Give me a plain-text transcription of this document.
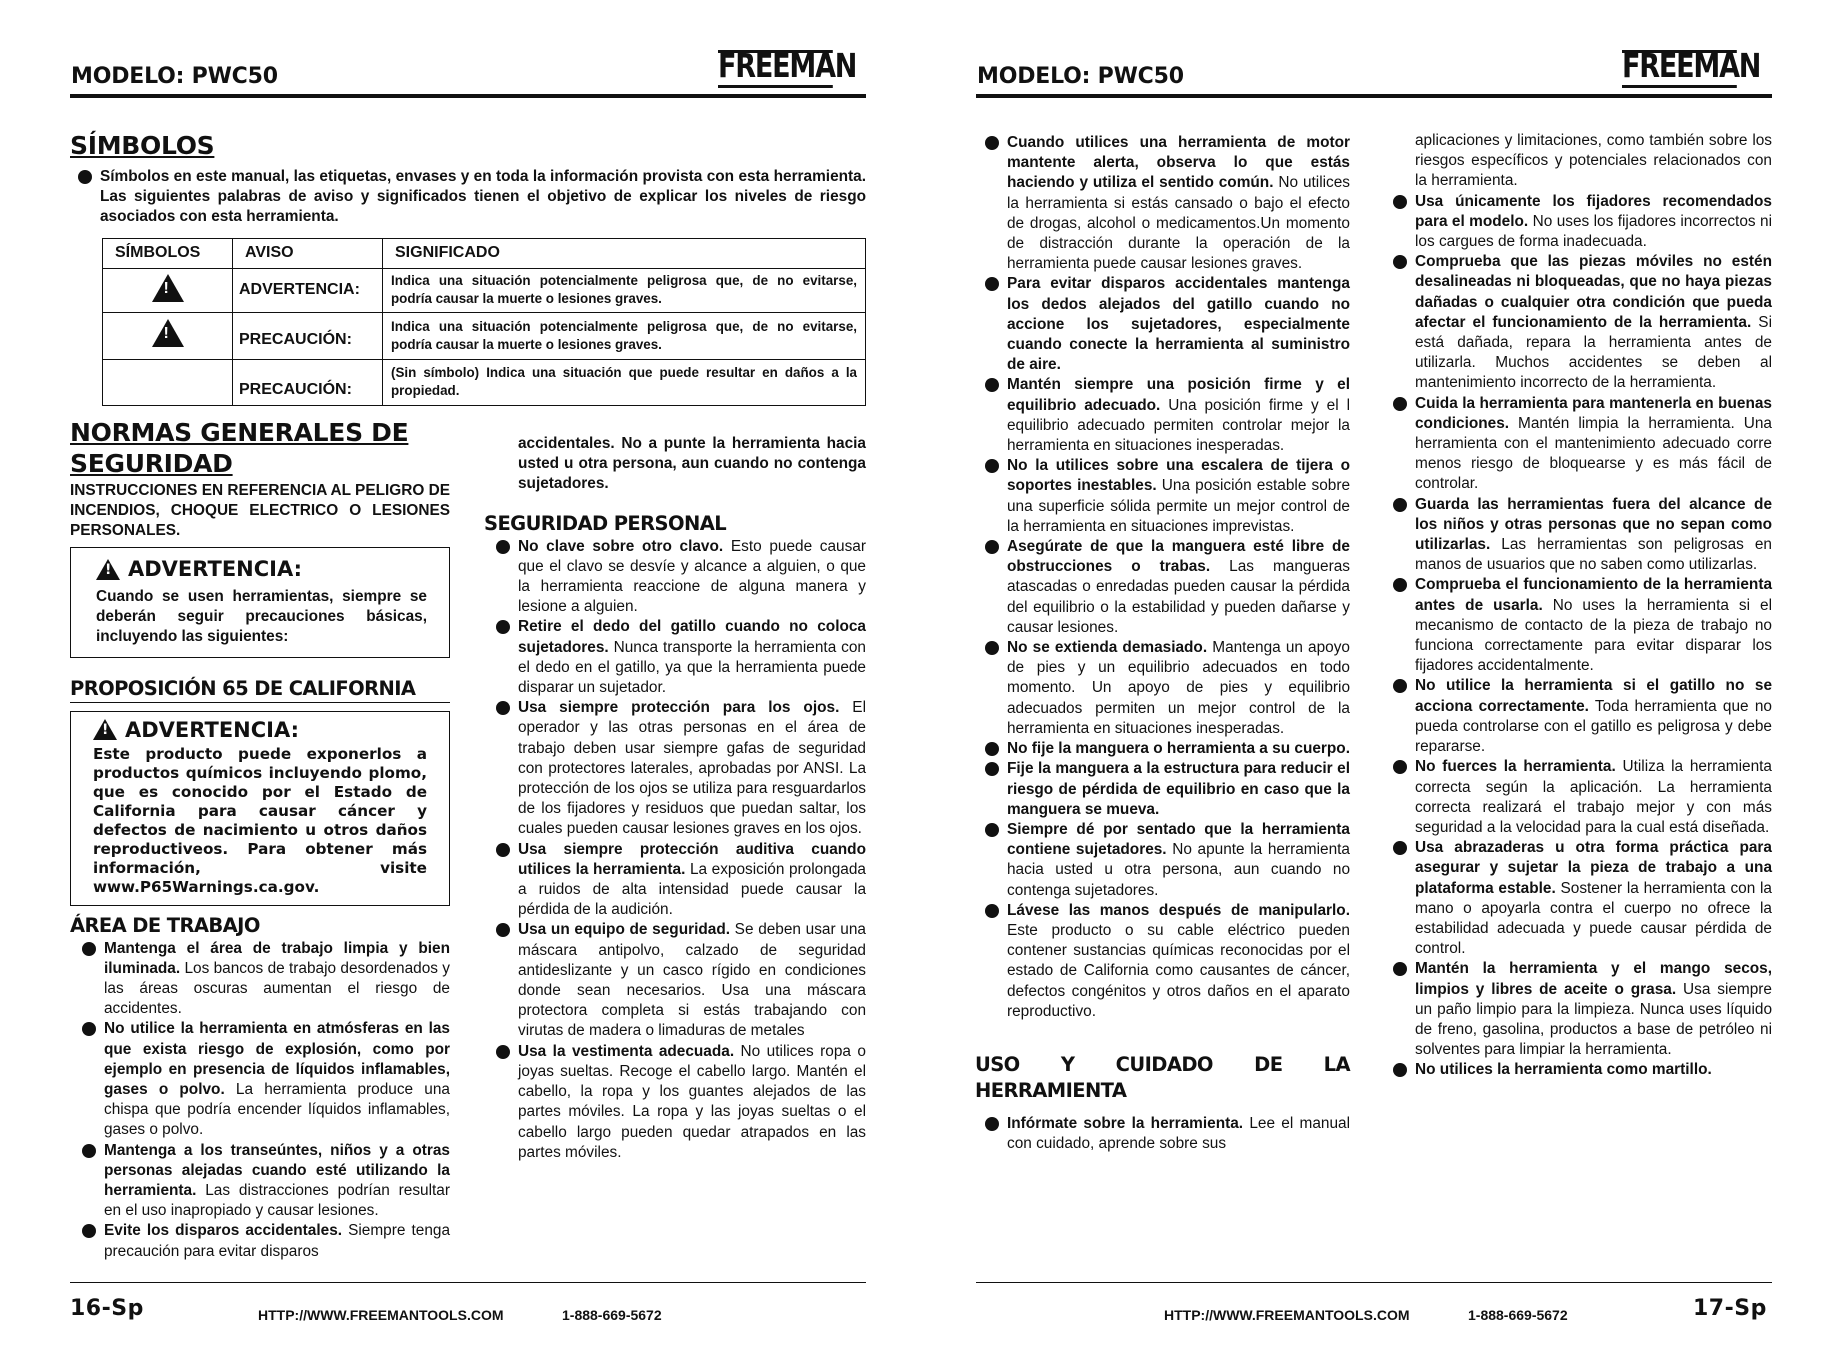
MODELO: PWC50	FREEMAN
SÍMBOLOS
Símbolos en este manual, las etiquetas, envases y en toda la información provista con esta herramienta. Las siguientes palabras de aviso y significados tienen el objetivo de explicar los niveles de riesgo asociados con esta herramienta.
SÍMBOLOS	AVISO	SIGNIFICADO
!	ADVERTENCIA:	Indica una situación potencialmente peligrosa que, de no evitarse, podría causar la muerte o lesiones graves.
!	PRECAUCIÓN:	Indica una situación potencialmente peligrosa que, de no evitarse, podría causar la muerte o lesiones graves.
	PRECAUCIÓN:	(Sin símbolo) Indica una situación que puede resultar en daños a la propiedad.
NORMAS GENERALES DE
SEGURIDAD

INSTRUCCIONES EN REFERENCIA AL PELIGRO DE INCENDIOS, CHOQUE ELECTRICO O LESIONES PERSONALES.

!
ADVERTENCIA:

Cuando se usen herramientas, siempre se deberán seguir precauciones básicas, incluyendo las siguientes:

PROPOSICIÓN 65 DE CALIFORNIA
!
ADVERTENCIA:

Este producto puede exponerlos a productos químicos incluyendo plomo, que es conocido por el Estado de California para causar cáncer y defectos de nacimiento u otros daños reproductiveos. Para obtener más información, visite www.P65Warnings.ca.gov.

ÁREA DE TRABAJO
Mantenga el área de trabajo limpia y bien iluminada. Los bancos de trabajo desordenados y las áreas oscuras aumentan el riesgo de accidentes.
No utilice la herramienta en atmósferas en las que exista riesgo de explosión, como por ejemplo en presencia de líquidos inflamables, gases o polvo. La herramienta produce una chispa que podría encender líquidos inflamables, gases o polvo.
Mantenga a los transeúntes, niños y a otras personas alejadas cuando esté utilizando la herramienta. Las distracciones podrían resultar en el uso inapropiado y causar lesiones.
Evite los disparos accidentales. Siempre tenga precaución para evitar disparos

accidentales. No a punte la herramienta hacia usted u otra persona, aun cuando no contenga sujetadores.

SEGURIDAD PERSONAL
No clave sobre otro clavo. Esto puede causar que el clavo se desvíe y alcance a alguien, o que la herramienta reaccione de alguna manera y lesione a alguien.
Retire el dedo del gatillo cuando no coloca sujetadores. Nunca transporte la herramienta con el dedo en el gatillo, ya que la herramienta puede disparar un sujetador.
Usa siempre protección para los ojos. El operador y las otras personas en el área de trabajo deben usar siempre gafas de seguridad con protectores laterales, aprobadas por ANSI. La protección de los ojos se utiliza para resguardarlos de los fijadores y residuos que puedan saltar, los cuales pueden causar lesiones graves en los ojos.
Usa siempre protección auditiva cuando utilices la herramienta. La exposición prolongada a ruidos de alta intensidad puede causar la pérdida de la audición.
Usa un equipo de seguridad. Se deben usar una máscara antipolvo, calzado de seguridad antideslizante y un casco rígido en condiciones donde sean necesarios. Usa una máscara protectora completa si estás trabajando con virutas de madera o limaduras de metales
Usa la vestimenta adecuada. No utilices ropa o joyas sueltas. Recoge el cabello largo. Mantén el cabello, la ropa y los guantes alejados de las partes móviles. La ropa y las joyas sueltas o el cabello largo pueden quedar atrapados en las partes móviles.
16-Sp	HTTP://WWW.FREEMANTOOLS.COM	1-888-669-5672
MODELO: PWC50	FREEMAN
Cuando utilices una herramienta de motor mantente alerta, observa lo que estás haciendo y utiliza el sentido común. No utilices la herramienta si estás cansado o bajo el efecto de drogas, alcohol o medicamentos.Un momento de distracción durante la operación de la herramienta puede causar lesiones graves.
Para evitar disparos accidentales mantenga los dedos alejados del gatillo cuando no accione los sujetadores, especialmente cuando conecte la herramienta al suministro de aire.
Mantén siempre una posición firme y el equilibrio adecuado. Una posición firme y el l equilibrio adecuado permiten controlar mejor la herramienta en situaciones inesperadas.
No la utilices sobre una escalera de tijera o soportes inestables. Una posición estable sobre una superficie sólida permite un mejor control de la herramienta en situaciones imprevistas.
Asegúrate de que la manguera esté libre de obstrucciones o trabas. Las mangueras atascadas o enredadas pueden causar la pérdida del equilibrio o la estabilidad y pueden dañarse y causar lesiones.
No se extienda demasiado. Mantenga un apoyo de pies y un equilibrio adecuados en todo momento. Un apoyo de pies y equilibrio adecuados permiten un mejor control de la herramienta en situaciones inesperadas.
No fije la manguera o herramienta a su cuerpo.
Fije la manguera a la estructura para reducir el riesgo de pérdida de equilibrio en caso que la manguera se mueva.
Siempre dé por sentado que la herramienta contiene sujetadores. No apunte la herramienta hacia usted u otra persona, aun cuando no contenga sujetadores.
Lávese las manos después de manipularlo. Este producto o su cable eléctrico pueden contener sustancias químicas reconocidas por el estado de California como causantes de cáncer, defectos congénitos y otros daños en el aparato reproductivo.
USO Y CUIDADO DE LA HERRAMIENTA
Infórmate sobre la herramienta. Lee el manual con cuidado, aprende sobre sus

aplicaciones y limitaciones, como también sobre los riesgos específicos y potenciales relacionados con la herramienta.

Usa únicamente los fijadores recomendados para el modelo. No uses los fijadores incorrectos ni los cargues de forma inadecuada.
Comprueba que las piezas móviles no estén desalineadas ni bloqueadas, que no haya piezas dañadas o cualquier otra condición que pueda afectar el funcionamiento de la herramienta. Si está dañada, repara la herramienta antes de utilizarla. Muchos accidentes se deben al mantenimiento incorrecto de la herramienta.
Cuida la herramienta para mantenerla en buenas condiciones. Mantén limpia la herramienta. Una herramienta con el mantenimiento adecuado corre menos riesgo de bloquearse y es más fácil de controlar.
Guarda las herramientas fuera del alcance de los niños y otras personas que no sepan como utilizarlas. Las herramientas son peligrosas en manos de usuarios que no saben como utilizarlas.
Comprueba el funcionamiento de la herramienta antes de usarla. No uses la herramienta si el mecanismo de contacto de la pieza de trabajo no funciona correctamente para evitar disparar los fijadores accidentalmente.
No utilice la herramienta si el gatillo no se acciona correctamente. Toda herramienta que no pueda controlarse con el gatillo es peligrosa y debe repararse.
No fuerces la herramienta. Utiliza la herramienta correcta según la aplicación. La herramienta correcta realizará el trabajo mejor y con más seguridad a la velocidad para la cual está diseñada.
Usa abrazaderas u otra forma práctica para asegurar y sujetar la pieza de trabajo a una plataforma estable. Sostener la herramienta con la mano o apoyarla contra el cuerpo no ofrece la estabilidad adecuada y puede causar pérdida de control.
Mantén la herramienta y el mango secos, limpios y libres de aceite o grasa. Usa siempre un paño limpio para la limpieza. Nunca uses líquido de freno, gasolina, productos a base de petróleo ni solventes para limpiar la herramienta.
No utilices la herramienta como martillo.
HTTP://WWW.FREEMANTOOLS.COM	1-888-669-5672	17-Sp
